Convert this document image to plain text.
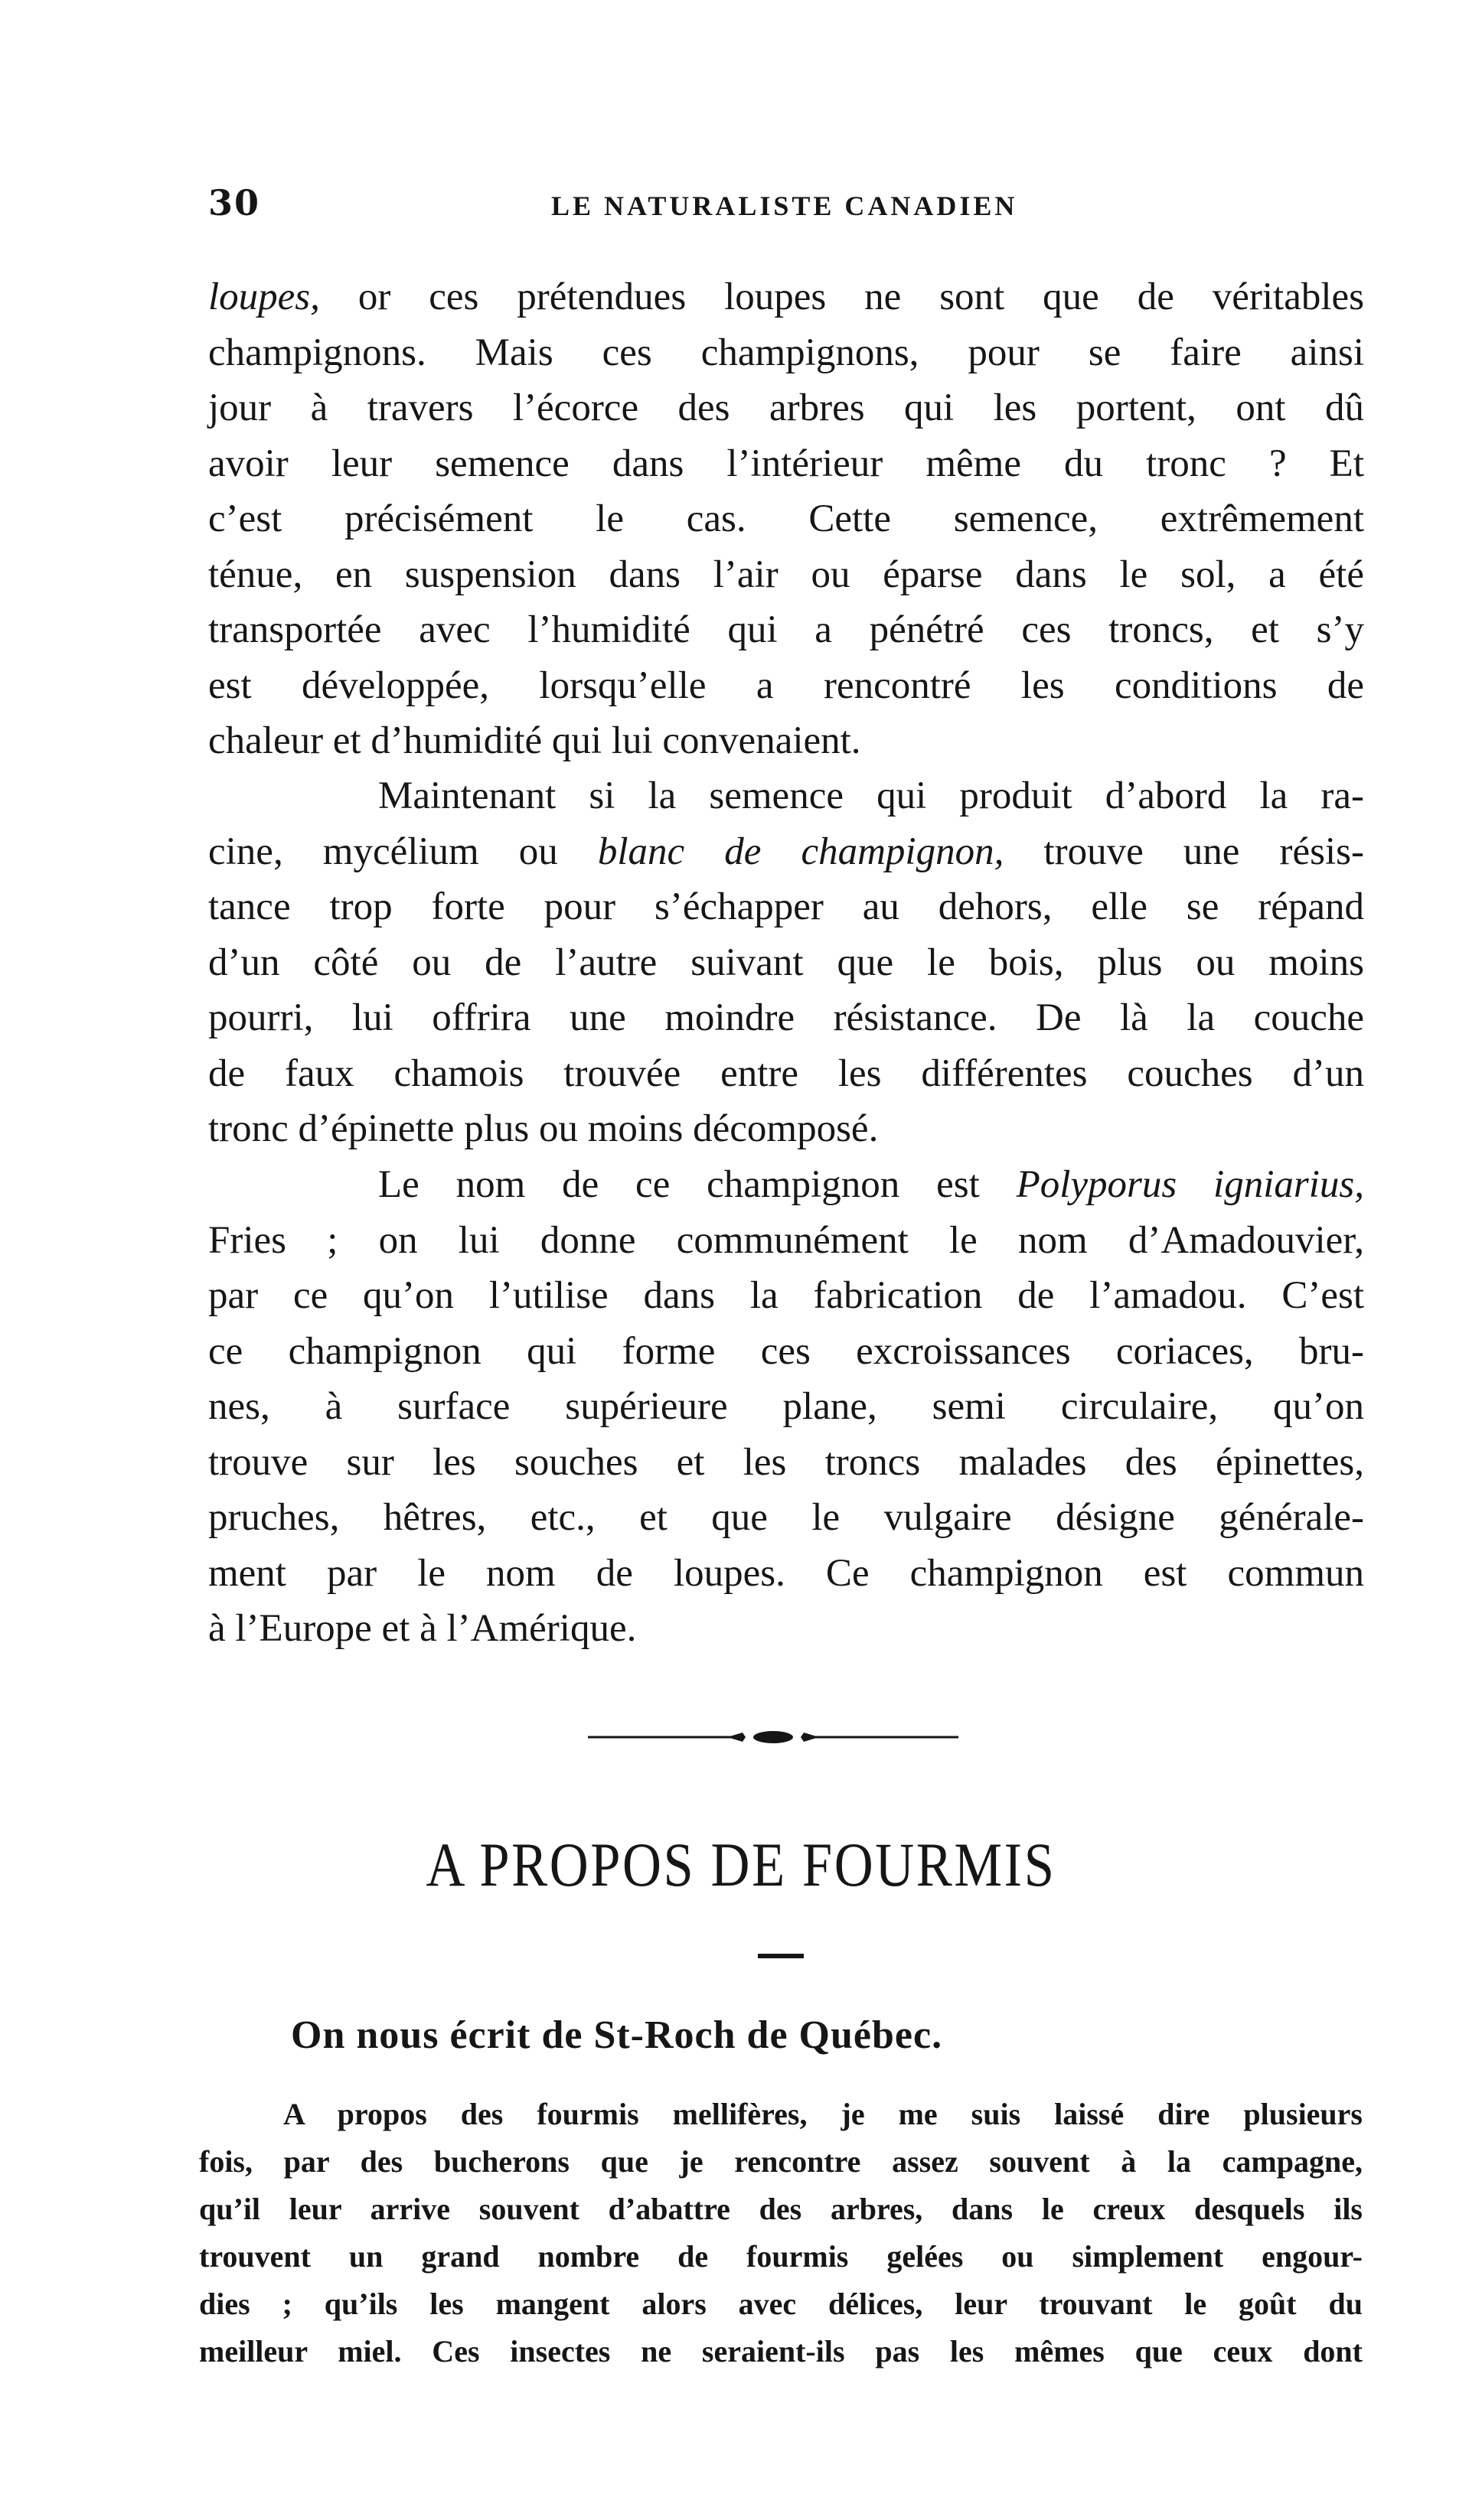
30	LE NATURALISTE CANADIEN
loupes, or ces prétendues loupes ne sont que de véritables
champignons. Mais ces champignons, pour se faire ainsi
jour à travers l’écorce des arbres qui les portent, ont dû
avoir leur semence dans l’intérieur même du tronc ? Et
c’est précisément le cas. Cette semence, extrêmement
ténue, en suspension dans l’air ou éparse dans le sol, a été
transportée avec l’humidité qui a pénétré ces troncs, et s’y
est développée, lorsqu’elle a rencontré les conditions de
chaleur et d’humidité qui lui convenaient.
Maintenant si la semence qui produit d’abord la ra-
cine, mycélium ou blanc de champignon, trouve une résis-
tance trop forte pour s’échapper au dehors, elle se répand
d’un côté ou de l’autre suivant que le bois, plus ou moins
pourri, lui offrira une moindre résistance. De là la couche
de faux chamois trouvée entre les différentes couches d’un
tronc d’épinette plus ou moins décomposé.
Le nom de ce champignon est Polyporus igniarius,
Fries ; on lui donne communément le nom d’Amadouvier,
par ce qu’on l’utilise dans la fabrication de l’amadou. C’est
ce champignon qui forme ces excroissances coriaces, bru-
nes, à surface supérieure plane, semi circulaire, qu’on
trouve sur les souches et les troncs malades des épinettes,
pruches, hêtres, etc., et que le vulgaire désigne générale-
ment par le nom de loupes. Ce champignon est commun
à l’Europe et à l’Amérique.
A PROPOS DE FOURMIS
On nous écrit de St-Roch de Québec.
A propos des fourmis mellifères, je me suis laissé dire plusieurs
fois, par des bucherons que je rencontre assez souvent à la campagne,
qu’il leur arrive souvent d’abattre des arbres, dans le creux desquels ils
trouvent un grand nombre de fourmis gelées ou simplement engour-
dies ; qu’ils les mangent alors avec délices, leur trouvant le goût du
meilleur miel. Ces insectes ne seraient-ils pas les mêmes que ceux dont
